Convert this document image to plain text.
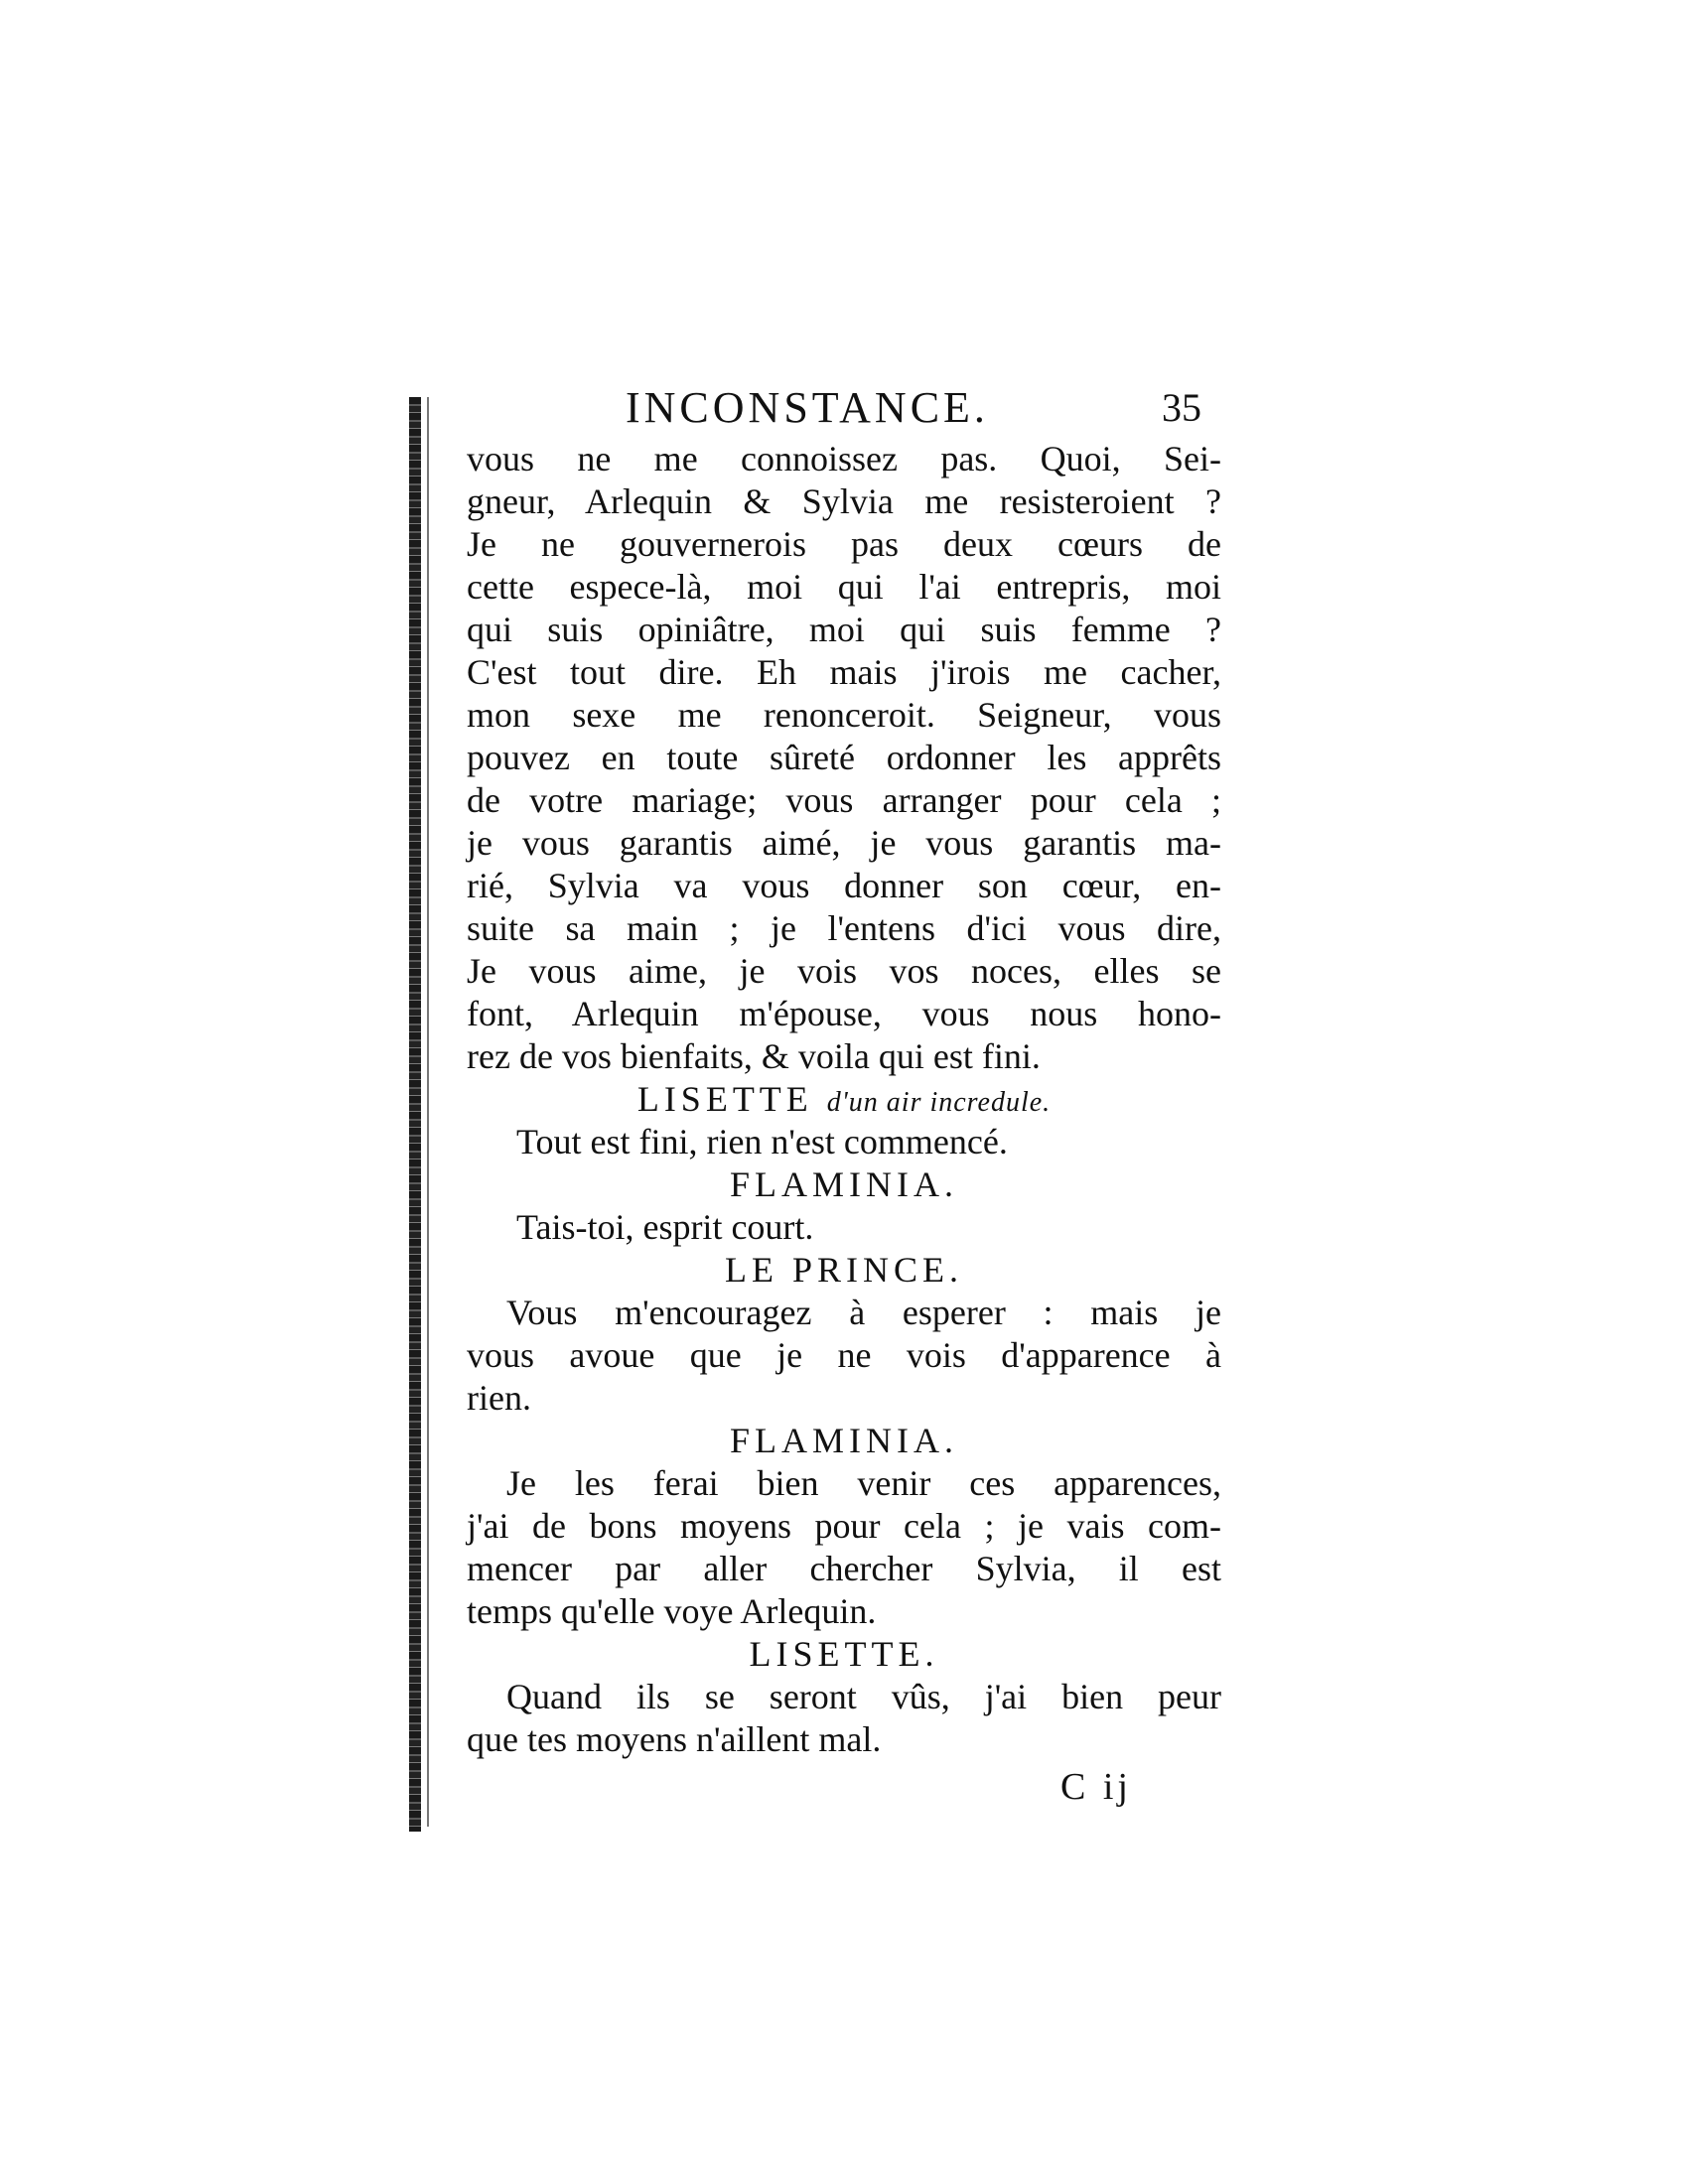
INCONSTANCE.	35
vous ne me connoissez pas. Quoi, Sei-
gneur, Arlequin & Sylvia me resisteroient ?
Je ne gouvernerois pas deux cœurs de
cette espece-là, moi qui l'ai entrepris, moi
qui suis opiniâtre, moi qui suis femme ?
C'est tout dire. Eh mais j'irois me cacher,
mon sexe me renonceroit. Seigneur, vous
pouvez en toute sûreté ordonner les apprêts
de votre mariage; vous arranger pour cela ;
je vous garantis aimé, je vous garantis ma-
rié, Sylvia va vous donner son cœur, en-
suite sa main ; je l'entens d'ici vous dire,
Je vous aime, je vois vos noces, elles se
font, Arlequin m'épouse, vous nous hono-
rez de vos bienfaits, & voila qui est fini.
LISETTE d'un air incredule.
Tout est fini, rien n'est commencé.
FLAMINIA.
Tais-toi, esprit court.
LE PRINCE.
Vous m'encouragez à esperer : mais je
vous avoue que je ne vois d'apparence à
rien.
FLAMINIA.
Je les ferai bien venir ces apparences,
j'ai de bons moyens pour cela ; je vais com-
mencer par aller chercher Sylvia, il est
temps qu'elle voye Arlequin.
LISETTE.
Quand ils se seront vûs, j'ai bien peur
que tes moyens n'aillent mal.
C ij
